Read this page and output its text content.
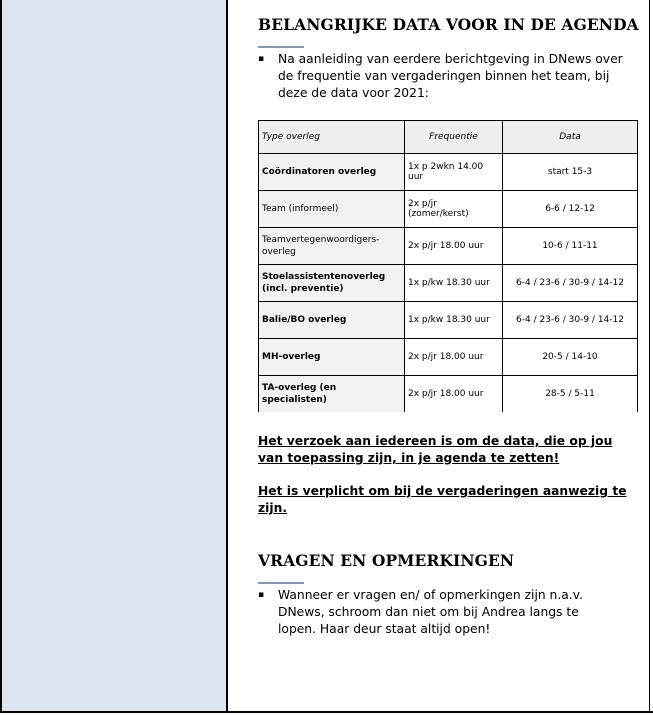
BELANGRIJKE DATA VOOR IN DE AGENDA
▪ Na aanleiding van eerdere berichtgeving in DNews over de frequentie van vergaderingen binnen het team, bij deze de data voor 2021:
Type overleg	Frequentie	Data
Coördinatoren overleg	1x p 2wkn 14.00 uur	start 15-3
Team (informeel)	2x p/jr (zomer/kerst)	6-6 / 12-12
Teamvertegenwoordigers-overleg	2x p/jr 18.00 uur	10-6 / 11-11
Stoelassistentenoverleg (incl. preventie)	1x p/kw 18.30 uur	6-4 / 23-6 / 30-9 / 14-12
Balie/BO overleg	1x p/kw 18.30 uur	6-4 / 23-6 / 30-9 / 14-12
MH-overleg	2x p/jr 18.00 uur	20-5 / 14-10
TA-overleg (en specialisten)	2x p/jr 18.00 uur	28-5 / 5-11
Het verzoek aan iedereen is om de data, die op jou van toepassing zijn, in je agenda te zetten!
Het is verplicht om bij de vergaderingen aanwezig te zijn.
VRAGEN EN OPMERKINGEN
▪ Wanneer er vragen en/ of opmerkingen zijn n.a.v. DNews, schroom dan niet om bij Andrea langs te lopen. Haar deur staat altijd open!
